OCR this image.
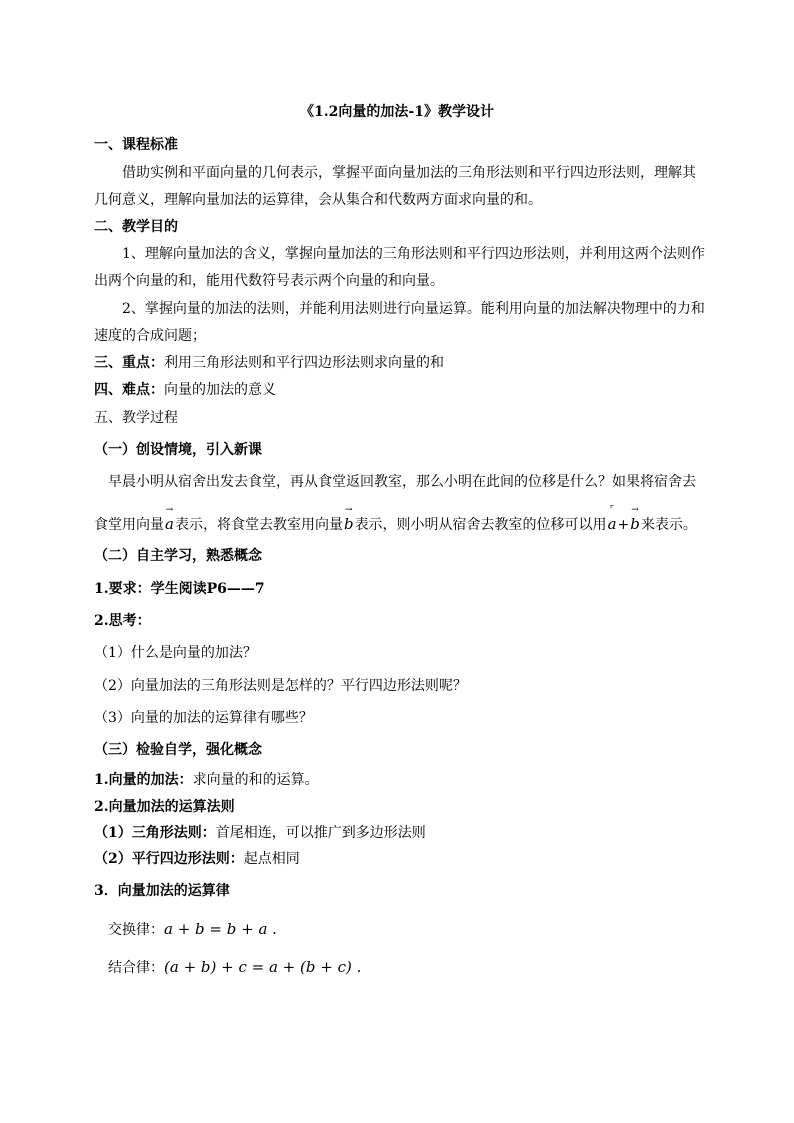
《1.2向量的加法-1》教学设计
一、课程标准
借助实例和平面向量的几何表示，掌握平面向量加法的三角形法则和平行四边形法则，理解其
几何意义，理解向量加法的运算律，会从集合和代数两方面求向量的和。
二、教学目的
1、理解向量加法的含义，掌握向量加法的三角形法则和平行四边形法则，并利用这两个法则作
出两个向量的和，能用代数符号表示两个向量的和向量。
2、掌握向量的加法的法则，并能利用法则进行向量运算。能利用向量的加法解决物理中的力和
速度的合成问题；
三、重点：利用三角形法则和平行四边形法则求向量的和
四、难点：向量的加法的意义
五、教学过程
（一）创设情境，引入新课
早晨小明从宿舍出发去食堂，再从食堂返回教室，那么小明在此间的位移是什么？如果将宿舍去
食堂用向量
→
a表示，将食堂去教室用向量
→
b表示，则小明从宿舍去教室的位移可以用
⌜
a+
→
b来表示。
（二）自主学习，熟悉概念
1.要求：学生阅读P6——7
2.思考：
（1）什么是向量的加法？
（2）向量加法的三角形法则是怎样的？平行四边形法则呢？
（3）向量的加法的运算律有哪些？
（三）检验自学，强化概念
1.向量的加法：求向量的和的运算。
2.向量加法的运算法则
（1）三角形法则：首尾相连，可以推广到多边形法则
（2）平行四边形法则：起点相同
3．向量加法的运算律
交换律：a + b = b + a .
结合律：(a + b) + c = a + (b + c) .
